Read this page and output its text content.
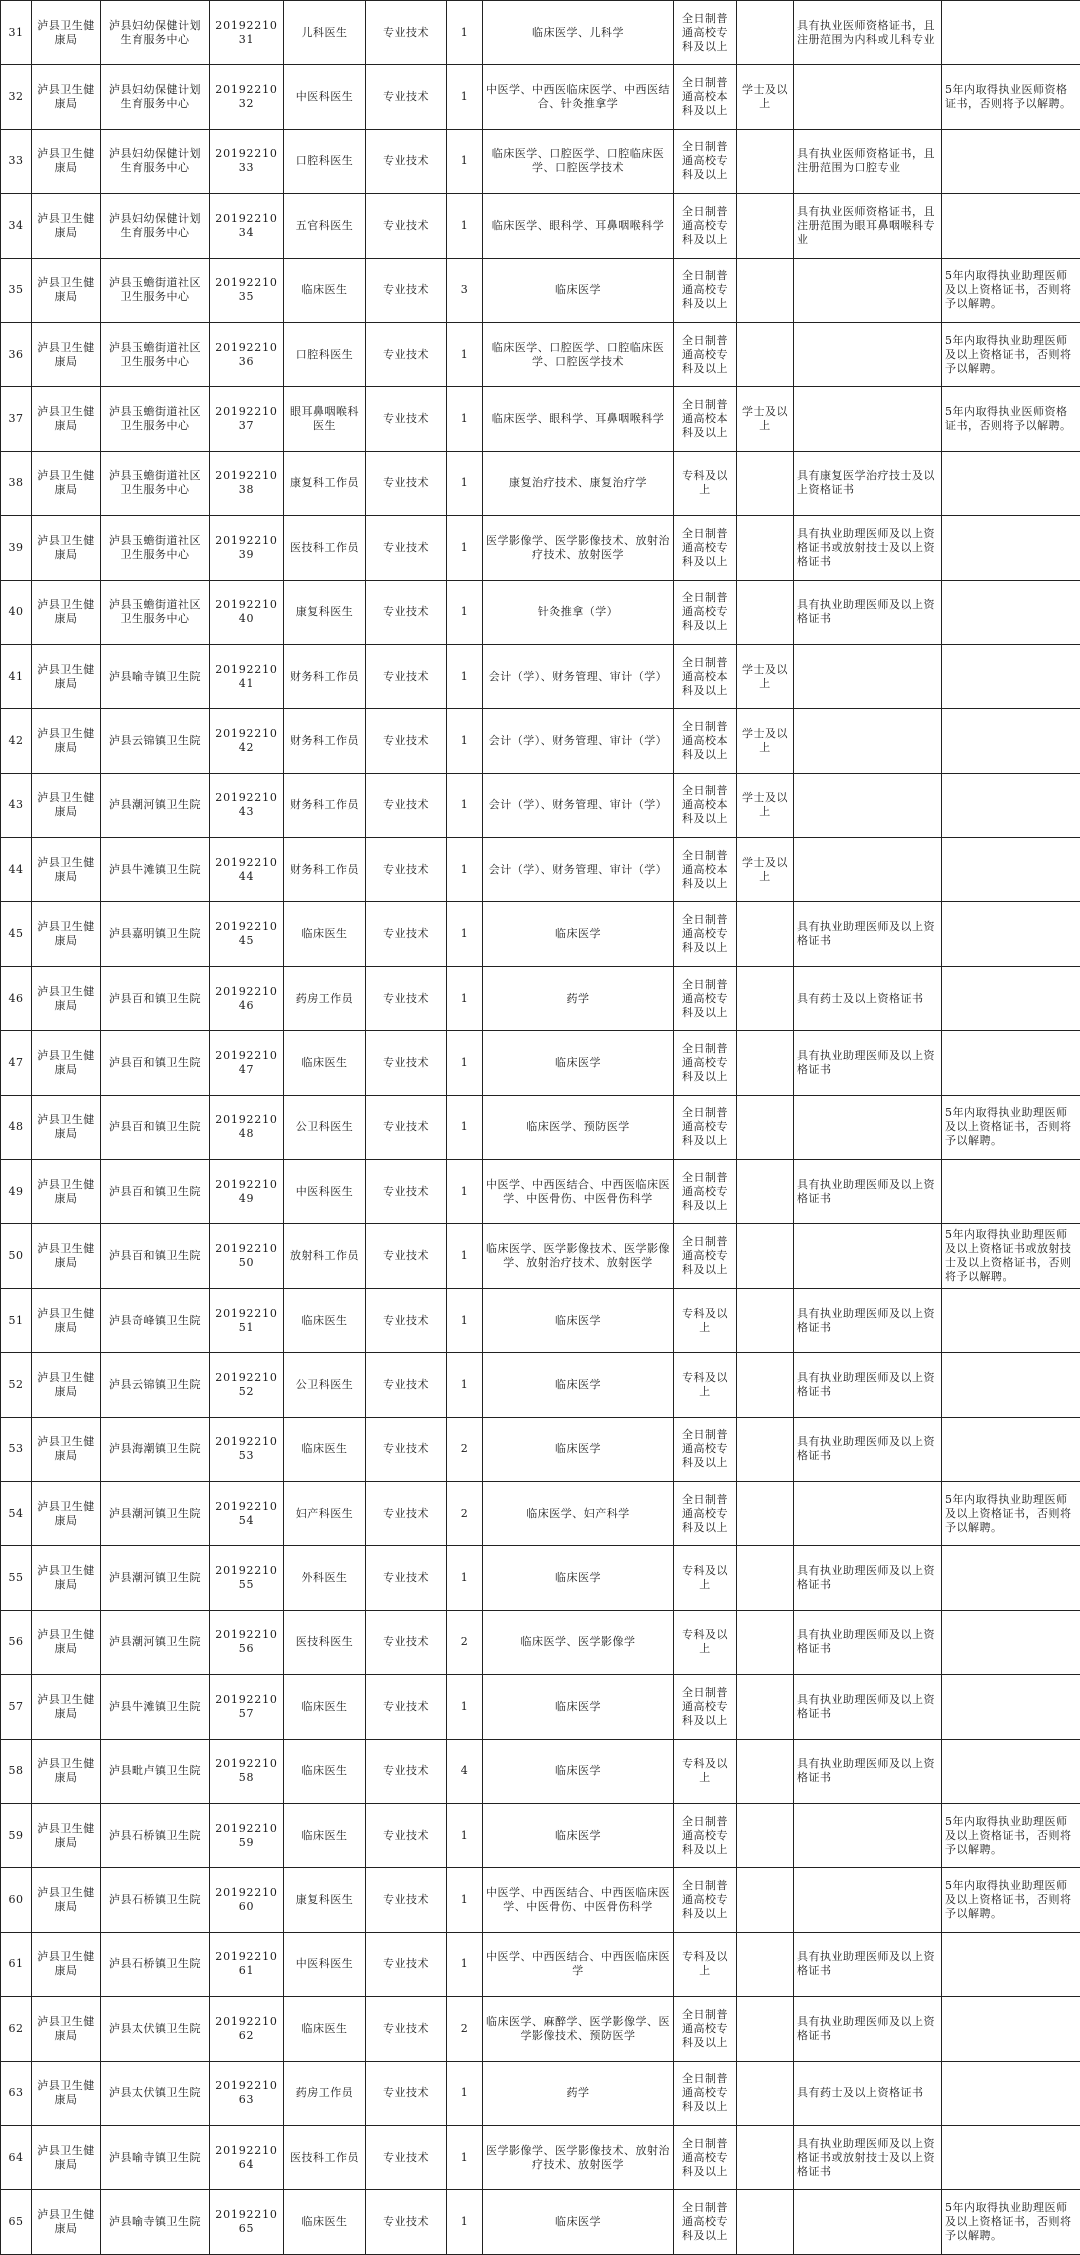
31	泸县卫生健康局	泸县妇幼保健计划生育服务中心	2019221031	儿科医生	专业技术	1	临床医学、儿科学	全日制普通高校专科及以上		具有执业医师资格证书，且注册范围为内科或儿科专业	
32	泸县卫生健康局	泸县妇幼保健计划生育服务中心	2019221032	中医科医生	专业技术	1	中医学、中西医临床医学、中西医结合、针灸推拿学	全日制普通高校本科及以上	学士及以上		5年内取得执业医师资格证书，否则将予以解聘。
33	泸县卫生健康局	泸县妇幼保健计划生育服务中心	2019221033	口腔科医生	专业技术	1	临床医学、口腔医学、口腔临床医学、口腔医学技术	全日制普通高校专科及以上		具有执业医师资格证书，且注册范围为口腔专业	
34	泸县卫生健康局	泸县妇幼保健计划生育服务中心	2019221034	五官科医生	专业技术	1	临床医学、眼科学、耳鼻咽喉科学	全日制普通高校专科及以上		具有执业医师资格证书，且注册范围为眼耳鼻咽喉科专业	
35	泸县卫生健康局	泸县玉蟾街道社区卫生服务中心	2019221035	临床医生	专业技术	3	临床医学	全日制普通高校专科及以上			5年内取得执业助理医师及以上资格证书，否则将予以解聘。
36	泸县卫生健康局	泸县玉蟾街道社区卫生服务中心	2019221036	口腔科医生	专业技术	1	临床医学、口腔医学、口腔临床医学、口腔医学技术	全日制普通高校专科及以上			5年内取得执业助理医师及以上资格证书，否则将予以解聘。
37	泸县卫生健康局	泸县玉蟾街道社区卫生服务中心	2019221037	眼耳鼻咽喉科医生	专业技术	1	临床医学、眼科学、耳鼻咽喉科学	全日制普通高校本科及以上	学士及以上		5年内取得执业医师资格证书，否则将予以解聘。
38	泸县卫生健康局	泸县玉蟾街道社区卫生服务中心	2019221038	康复科工作员	专业技术	1	康复治疗技术、康复治疗学	专科及以上		具有康复医学治疗技士及以上资格证书	
39	泸县卫生健康局	泸县玉蟾街道社区卫生服务中心	2019221039	医技科工作员	专业技术	1	医学影像学、医学影像技术、放射治疗技术、放射医学	全日制普通高校专科及以上		具有执业助理医师及以上资格证书或放射技士及以上资格证书	
40	泸县卫生健康局	泸县玉蟾街道社区卫生服务中心	2019221040	康复科医生	专业技术	1	针灸推拿（学）	全日制普通高校专科及以上		具有执业助理医师及以上资格证书	
41	泸县卫生健康局	泸县喻寺镇卫生院	2019221041	财务科工作员	专业技术	1	会计（学）、财务管理、审计（学）	全日制普通高校本科及以上	学士及以上		
42	泸县卫生健康局	泸县云锦镇卫生院	2019221042	财务科工作员	专业技术	1	会计（学）、财务管理、审计（学）	全日制普通高校本科及以上	学士及以上		
43	泸县卫生健康局	泸县潮河镇卫生院	2019221043	财务科工作员	专业技术	1	会计（学）、财务管理、审计（学）	全日制普通高校本科及以上	学士及以上		
44	泸县卫生健康局	泸县牛滩镇卫生院	2019221044	财务科工作员	专业技术	1	会计（学）、财务管理、审计（学）	全日制普通高校本科及以上	学士及以上		
45	泸县卫生健康局	泸县嘉明镇卫生院	2019221045	临床医生	专业技术	1	临床医学	全日制普通高校专科及以上		具有执业助理医师及以上资格证书	
46	泸县卫生健康局	泸县百和镇卫生院	2019221046	药房工作员	专业技术	1	药学	全日制普通高校专科及以上		具有药士及以上资格证书	
47	泸县卫生健康局	泸县百和镇卫生院	2019221047	临床医生	专业技术	1	临床医学	全日制普通高校专科及以上		具有执业助理医师及以上资格证书	
48	泸县卫生健康局	泸县百和镇卫生院	2019221048	公卫科医生	专业技术	1	临床医学、预防医学	全日制普通高校专科及以上			5年内取得执业助理医师及以上资格证书，否则将予以解聘。
49	泸县卫生健康局	泸县百和镇卫生院	2019221049	中医科医生	专业技术	1	中医学、中西医结合、中西医临床医学、中医骨伤、中医骨伤科学	全日制普通高校专科及以上		具有执业助理医师及以上资格证书	
50	泸县卫生健康局	泸县百和镇卫生院	2019221050	放射科工作员	专业技术	1	临床医学、医学影像技术、医学影像学、放射治疗技术、放射医学	全日制普通高校专科及以上			5年内取得执业助理医师及以上资格证书或放射技士及以上资格证书，否则将予以解聘。
51	泸县卫生健康局	泸县奇峰镇卫生院	2019221051	临床医生	专业技术	1	临床医学	专科及以上		具有执业助理医师及以上资格证书	
52	泸县卫生健康局	泸县云锦镇卫生院	2019221052	公卫科医生	专业技术	1	临床医学	专科及以上		具有执业助理医师及以上资格证书	
53	泸县卫生健康局	泸县海潮镇卫生院	2019221053	临床医生	专业技术	2	临床医学	全日制普通高校专科及以上		具有执业助理医师及以上资格证书	
54	泸县卫生健康局	泸县潮河镇卫生院	2019221054	妇产科医生	专业技术	2	临床医学、妇产科学	全日制普通高校专科及以上			5年内取得执业助理医师及以上资格证书，否则将予以解聘。
55	泸县卫生健康局	泸县潮河镇卫生院	2019221055	外科医生	专业技术	1	临床医学	专科及以上		具有执业助理医师及以上资格证书	
56	泸县卫生健康局	泸县潮河镇卫生院	2019221056	医技科医生	专业技术	2	临床医学、医学影像学	专科及以上		具有执业助理医师及以上资格证书	
57	泸县卫生健康局	泸县牛滩镇卫生院	2019221057	临床医生	专业技术	1	临床医学	全日制普通高校专科及以上		具有执业助理医师及以上资格证书	
58	泸县卫生健康局	泸县毗卢镇卫生院	2019221058	临床医生	专业技术	4	临床医学	专科及以上		具有执业助理医师及以上资格证书	
59	泸县卫生健康局	泸县石桥镇卫生院	2019221059	临床医生	专业技术	1	临床医学	全日制普通高校专科及以上			5年内取得执业助理医师及以上资格证书，否则将予以解聘。
60	泸县卫生健康局	泸县石桥镇卫生院	2019221060	康复科医生	专业技术	1	中医学、中西医结合、中西医临床医学、中医骨伤、中医骨伤科学	全日制普通高校专科及以上			5年内取得执业助理医师及以上资格证书，否则将予以解聘。
61	泸县卫生健康局	泸县石桥镇卫生院	2019221061	中医科医生	专业技术	1	中医学、中西医结合、中西医临床医学	专科及以上		具有执业助理医师及以上资格证书	
62	泸县卫生健康局	泸县太伏镇卫生院	2019221062	临床医生	专业技术	2	临床医学、麻醉学、医学影像学、医学影像技术、预防医学	全日制普通高校专科及以上		具有执业助理医师及以上资格证书	
63	泸县卫生健康局	泸县太伏镇卫生院	2019221063	药房工作员	专业技术	1	药学	全日制普通高校专科及以上		具有药士及以上资格证书	
64	泸县卫生健康局	泸县喻寺镇卫生院	2019221064	医技科工作员	专业技术	1	医学影像学、医学影像技术、放射治疗技术、放射医学	全日制普通高校专科及以上		具有执业助理医师及以上资格证书或放射技士及以上资格证书	
65	泸县卫生健康局	泸县喻寺镇卫生院	2019221065	临床医生	专业技术	1	临床医学	全日制普通高校专科及以上			5年内取得执业助理医师及以上资格证书，否则将予以解聘。
